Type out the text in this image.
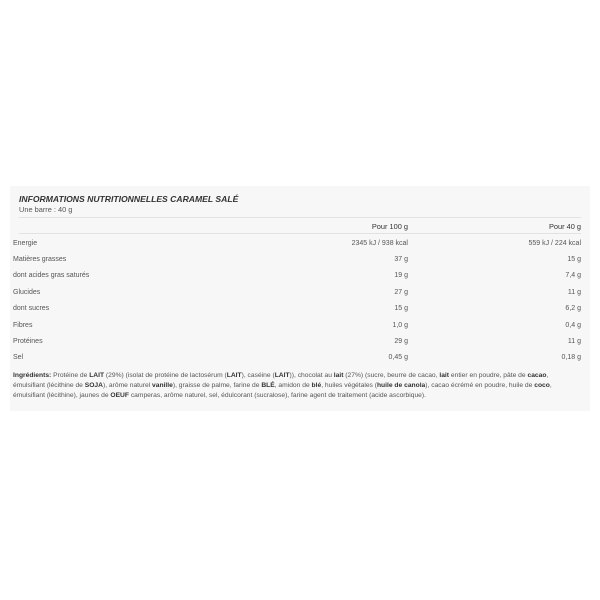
INFORMATIONS NUTRITIONNELLES CARAMEL SALÉ
Une barre : 40 g
Pour 100 g	Pour 40 g
Energie	2345 kJ / 938 kcal	559 kJ / 224 kcal
Matières grasses	37 g	15 g
dont acides gras saturés	19 g	7,4 g
Glucides	27 g	11 g
dont sucres	15 g	6,2 g
Fibres	1,0 g	0,4 g
Protéines	29 g	11 g
Sel	0,45 g	0,18 g
Ingrédients: Protéine de LAIT (29%) (isolat de protéine de lactosérum (LAIT), caséine (LAIT)), chocolat au lait (27%) (sucre, beurre de cacao, lait entier en poudre, pâte de cacao, émulsifiant (lécithine de SOJA), arôme naturel vanille), graisse de palme, farine de BLÉ, amidon de blé, huiles végétales (huile de canola), cacao écrémé en poudre, huile de coco, émulsifiant (lécithine), jaunes de OEUF camperas, arôme naturel, sel, édulcorant (sucralose), farine agent de traitement (acide ascorbique).
